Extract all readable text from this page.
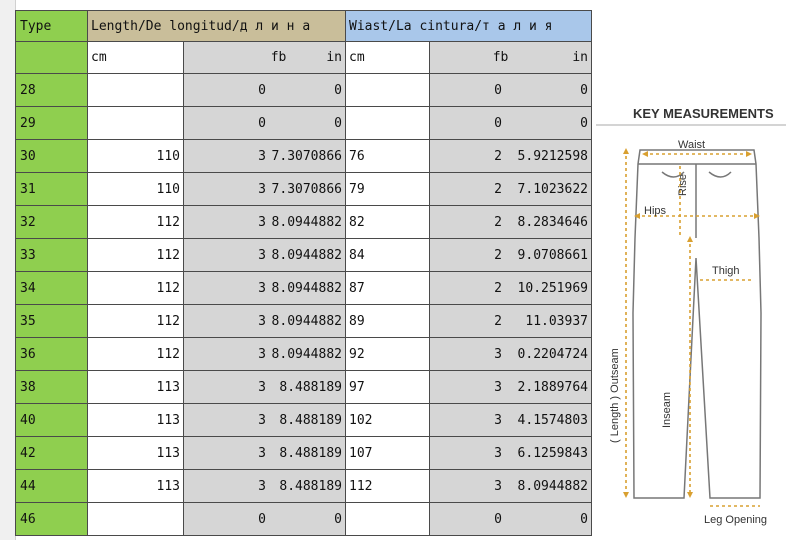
Type	Length/De longitud/д л и н а		Wiast/La cintura/т а л и я	
	cm	fb in	cm	fb in

28		0 0		0 0

29		0 0		0 0

30	110	3 7.3070866	76	2 5.9212598

31	110	3 7.3070866	79	2 7.1023622

32	112	3 8.0944882	82	2 8.2834646

33	112	3 8.0944882	84	2 9.0708661

34	112	3 8.0944882	87	2 10.251969

35	112	3 8.0944882	89	2 11.03937

36	112	3 8.0944882	92	3 0.2204724

38	113	3 8.488189	97	3 2.1889764

40	113	3 8.488189	102	3 4.1574803

42	113	3 8.488189	107	3 6.1259843

44	113	3 8.488189	112	3 8.0944882

46		0 0		0 0
KEY MEASUREMENTS
Waist
Rise
Hips
Thigh
Inseam
( Length ) Outseam
Leg Opening
